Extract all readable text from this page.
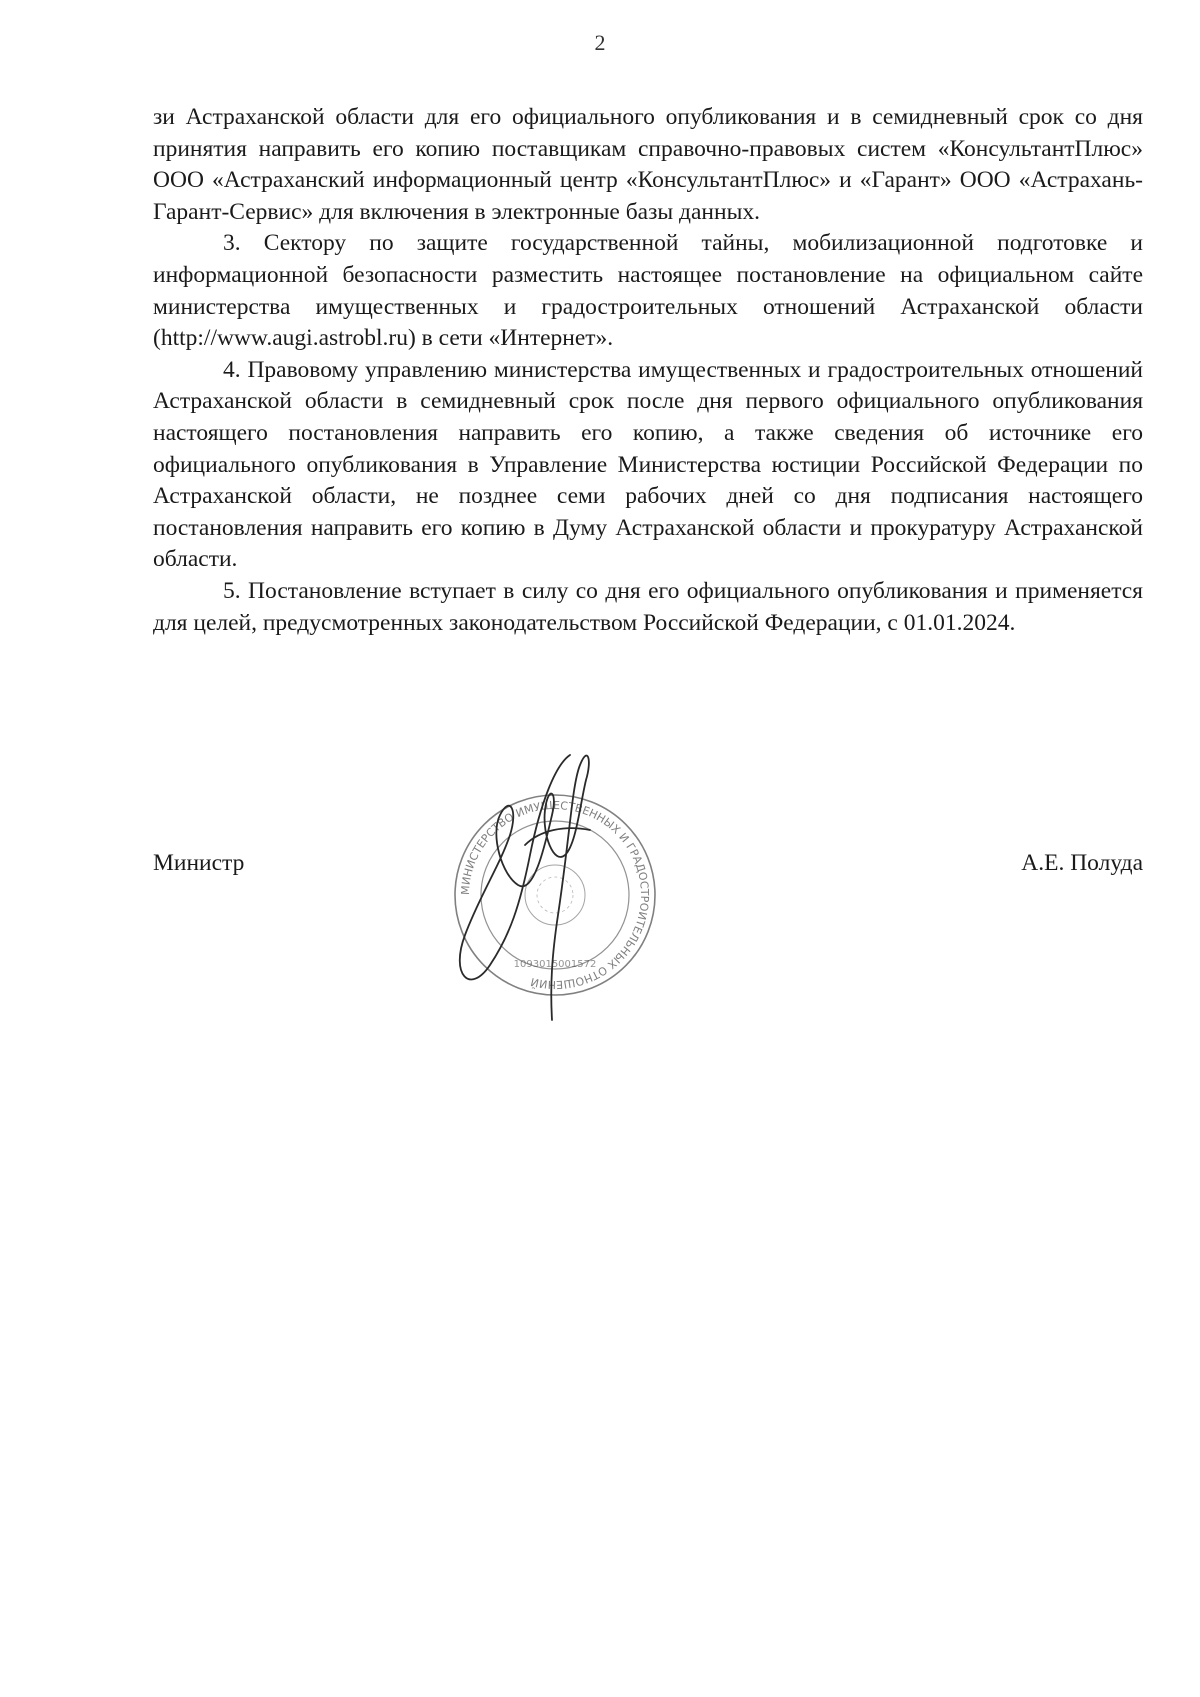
2

зи Астраханской области для его официального опубликования и в семидневный срок со дня принятия направить его копию поставщикам справочно-правовых систем «КонсультантПлюс» ООО «Астраханский информационный центр «КонсультантПлюс» и «Гарант» ООО «Астрахань-Гарант-Сервис» для включения в электронные базы данных.

3. Сектору по защите государственной тайны, мобилизационной подготовке и информационной безопасности разместить настоящее постановление на официальном сайте министерства имущественных и градостроительных отношений Астраханской области (http://www.augi.astrobl.ru) в сети «Интернет».

4. Правовому управлению министерства имущественных и градостроительных отношений Астраханской области в семидневный срок после дня первого официального опубликования настоящего постановления направить его копию, а также сведения об источнике его официального опубликования в Управление Министерства юстиции Российской Федерации по Астраханской области, не позднее семи рабочих дней со дня подписания настоящего постановления направить его копию в Думу Астраханской области и прокуратуру Астраханской области.

5. Постановление вступает в силу со дня его официального опубликования и применяется для целей, предусмотренных законодательством Российской Федерации, с 01.01.2024.

Министр	А.Е. Полуда
МИНИСТЕРСТВО ИМУЩЕСТВЕННЫХ И ГРАДОСТРОИТЕЛЬНЫХ ОТНОШЕНИЙ
1093015001572
